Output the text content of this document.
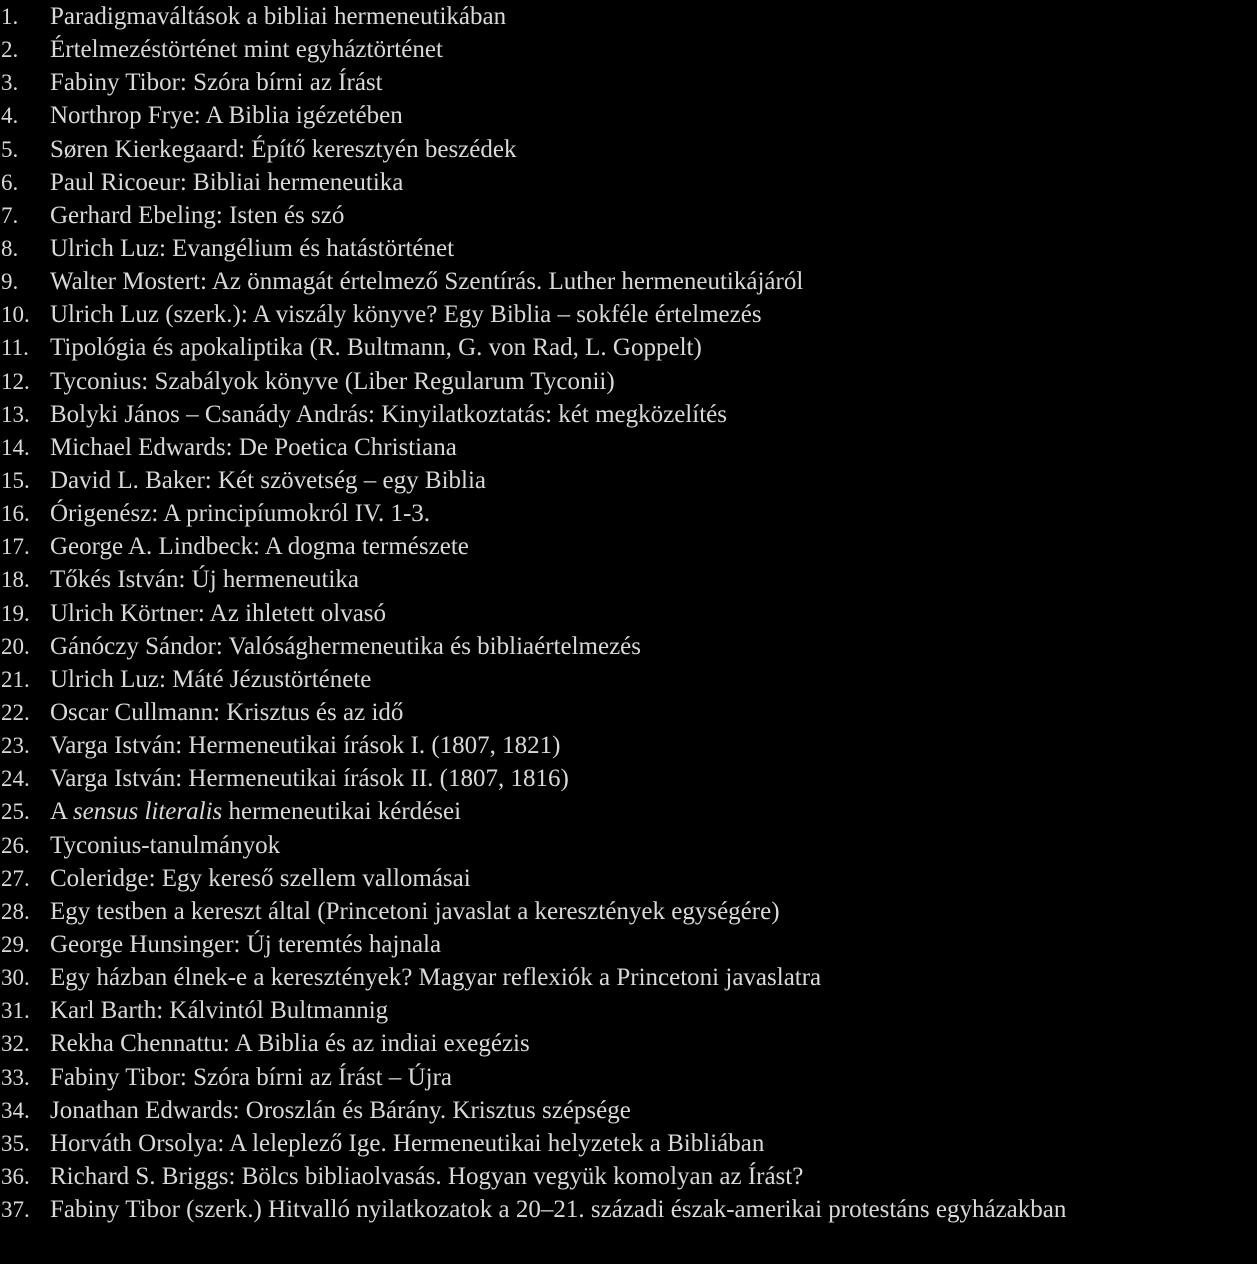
1. Paradigmaváltások a bibliai hermeneutikában
2. Értelmezéstörténet mint egyháztörténet
3. Fabiny Tibor: Szóra bírni az Írást
4. Northrop Frye: A Biblia igézetében
5. Søren Kierkegaard: Építő keresztyén beszédek
6. Paul Ricoeur: Bibliai hermeneutika
7. Gerhard Ebeling: Isten és szó
8. Ulrich Luz: Evangélium és hatástörténet
9. Walter Mostert: Az önmagát értelmező Szentírás. Luther hermeneutikájáról
10. Ulrich Luz (szerk.): A viszály könyve? Egy Biblia – sokféle értelmezés
11. Tipológia és apokaliptika (R. Bultmann, G. von Rad, L. Goppelt)
12. Tyconius: Szabályok könyve (Liber Regularum Tyconii)
13. Bolyki János – Csanády András: Kinyilatkoztatás: két megközelítés
14. Michael Edwards: De Poetica Christiana
15. David L. Baker: Két szövetség – egy Biblia
16. Órigenész: A principíumokról IV. 1-3.
17. George A. Lindbeck: A dogma természete
18. Tőkés István: Új hermeneutika
19. Ulrich Körtner: Az ihletett olvasó
20. Gánóczy Sándor: Valósághermeneutika és bibliaértelmezés
21. Ulrich Luz: Máté Jézustörténete
22. Oscar Cullmann: Krisztus és az idő
23. Varga István: Hermeneutikai írások I. (1807, 1821)
24. Varga István: Hermeneutikai írások II. (1807, 1816)
25. A sensus literalis hermeneutikai kérdései
26. Tyconius-tanulmányok
27. Coleridge: Egy kereső szellem vallomásai
28. Egy testben a kereszt által (Princetoni javaslat a keresztények egységére)
29. George Hunsinger: Új teremtés hajnala
30. Egy házban élnek-e a keresztények? Magyar reflexiók a Princetoni javaslatra
31. Karl Barth: Kálvintól Bultmannig
32. Rekha Chennattu: A Biblia és az indiai exegézis
33. Fabiny Tibor: Szóra bírni az Írást – Újra
34. Jonathan Edwards: Oroszlán és Bárány. Krisztus szépsége
35. Horváth Orsolya: A leleplező Ige. Hermeneutikai helyzetek a Bibliában
36. Richard S. Briggs: Bölcs bibliaolvasás. Hogyan vegyük komolyan az Írást?
37. Fabiny Tibor (szerk.) Hitvalló nyilatkozatok a 20–21. századi észak-amerikai protestáns egyházakban
